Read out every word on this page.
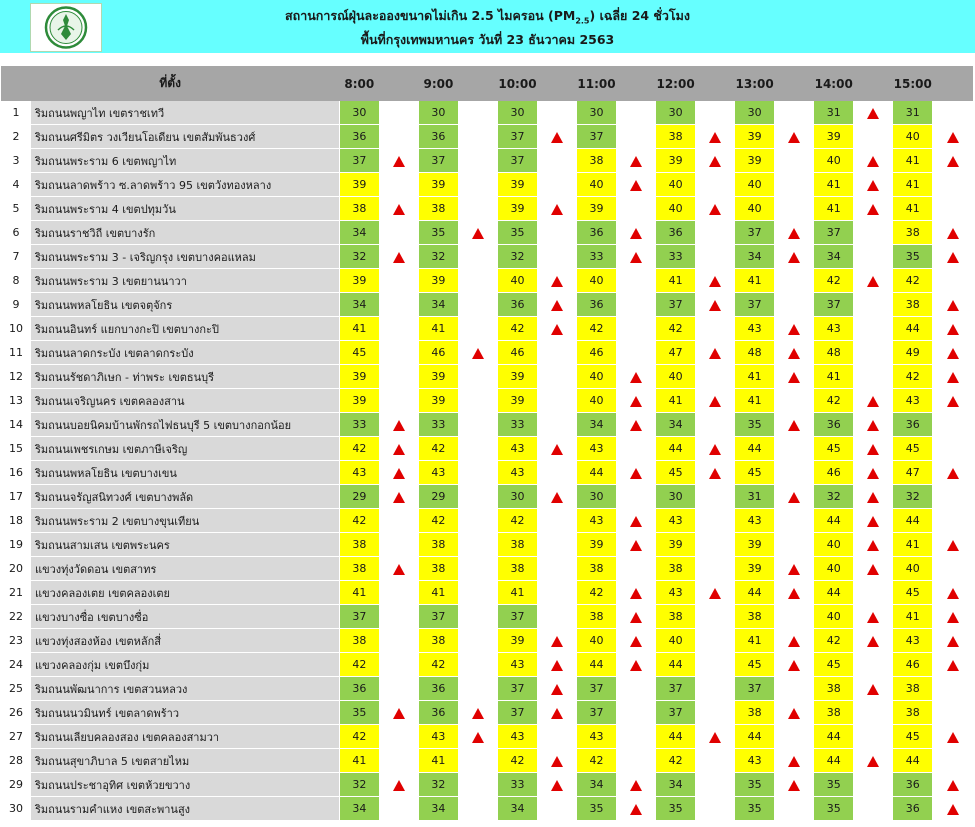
สถานการณ์ฝุ่นละอองขนาดไม่เกิน 2.5 ไมครอน $(PM_{2.5})$ เฉลี่ย 24 ชั่วโมง
พื้นที่กรุงเทพมหานคร วันที่ 23 ธันวาคม 2563
ที่ตั้ง		8:00		9:00		10:00		11:00		12:00		13:00		14:00		15:00	
1	ริมถนนพญาไท เขตราชเทวี	30		30		30		30		30		30		31		31	
2	ริมถนนศรีมิตร วงเวียนโอเดียน เขตสัมพันธวงศ์	36		36		37		37		38		39		39		40	
3	ริมถนนพระราม 6 เขตพญาไท	37		37		37		38		39		39		40		41	
4	ริมถนนลาดพร้าว ซ.ลาดพร้าว 95 เขตวังทองหลาง	39		39		39		40		40		40		41		41	
5	ริมถนนพระราม 4 เขตปทุมวัน	38		38		39		39		40		40		41		41	
6	ริมถนนราชวิถี เขตบางรัก	34		35		35		36		36		37		37		38	
7	ริมถนนพระราม 3 - เจริญกรุง เขตบางคอแหลม	32		32		32		33		33		34		34		35	
8	ริมถนนพระราม 3 เขตยานนาวา	39		39		40		40		41		41		42		42	
9	ริมถนนพหลโยธิน เขตจตุจักร	34		34		36		36		37		37		37		38	
10	ริมถนนอินทร์ แยกบางกะปิ เขตบางกะปิ	41		41		42		42		42		43		43		44	
11	ริมถนนลาดกระบัง เขตลาดกระบัง	45		46		46		46		47		48		48		49	
12	ริมถนนรัชดาภิเษก - ท่าพระ เขตธนบุรี	39		39		39		40		40		41		41		42	
13	ริมถนนเจริญนคร เขตคลองสาน	39		39		39		40		41		41		42		43	
14	ริมถนนบอยนิคมบ้านพักรถไฟธนบุรี 5 เขตบางกอกน้อย	33		33		33		34		34		35		36		36	
15	ริมถนนเพชรเกษม เขตภาษีเจริญ	42		42		43		43		44		44		45		45	
16	ริมถนนพหลโยธิน เขตบางเขน	43		43		43		44		45		45		46		47	
17	ริมถนนจรัญสนิทวงศ์ เขตบางพลัด	29		29		30		30		30		31		32		32	
18	ริมถนนพระราม 2 เขตบางขุนเทียน	42		42		42		43		43		43		44		44	
19	ริมถนนสามเสน เขตพระนคร	38		38		38		39		39		39		40		41	
20	แขวงทุ่งวัดดอน เขตสาทร	38		38		38		38		38		39		40		40	
21	แขวงคลองเตย เขตคลองเตย	41		41		41		42		43		44		44		45	
22	แขวงบางซื่อ เขตบางซื่อ	37		37		37		38		38		38		40		41	
23	แขวงทุ่งสองห้อง เขตหลักสี่	38		38		39		40		40		41		42		43	
24	แขวงคลองกุ่ม เขตบึงกุ่ม	42		42		43		44		44		45		45		46	
25	ริมถนนพัฒนาการ เขตสวนหลวง	36		36		37		37		37		37		38		38	
26	ริมถนนนวมินทร์ เขตลาดพร้าว	35		36		37		37		37		38		38		38	
27	ริมถนนเลียบคลองสอง เขตคลองสามวา	42		43		43		43		44		44		44		45	
28	ริมถนนสุขาภิบาล 5 เขตสายไหม	41		41		42		42		42		43		44		44	
29	ริมถนนประชาอุทิศ เขตห้วยขวาง	32		32		33		34		34		35		35		36	
30	ริมถนนรามคำแหง เขตสะพานสูง	34		34		34		35		35		35		35		36	
